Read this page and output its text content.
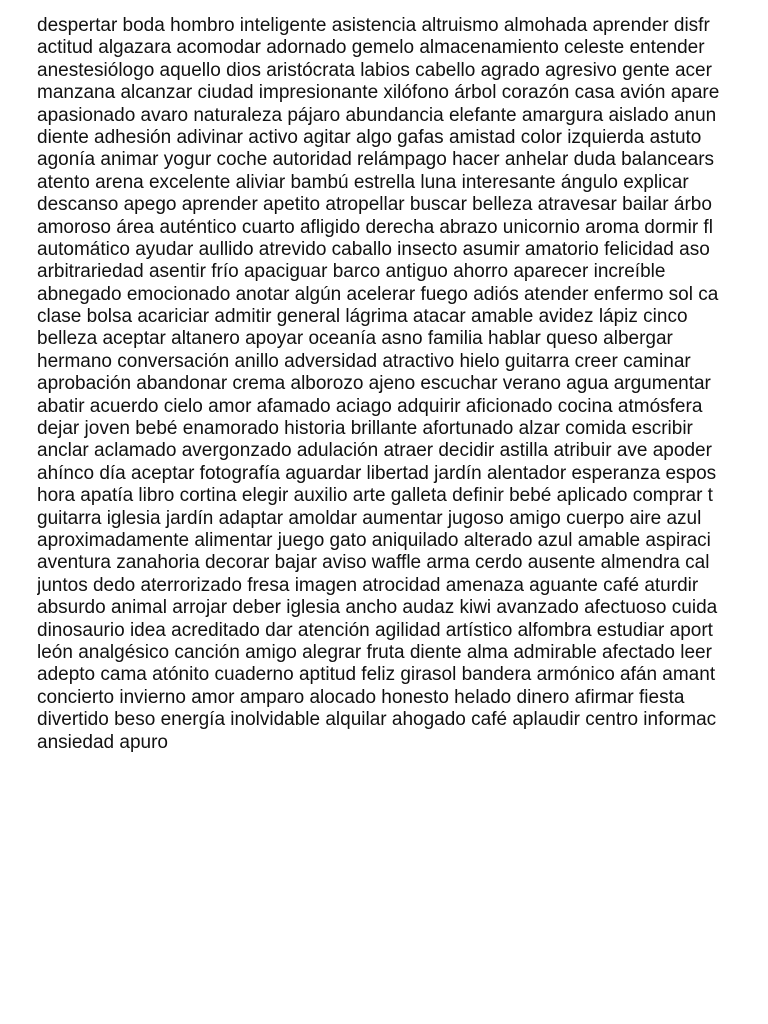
despertar boda hombro inteligente asistencia altruismo almohada aprender disfr
actitud algazara acomodar adornado gemelo almacenamiento celeste entender
anestesiólogo aquello dios aristócrata labios cabello agrado agresivo gente acer
manzana alcanzar ciudad impresionante xilófono árbol corazón casa avión apare
apasionado avaro naturaleza pájaro abundancia elefante amargura aislado anun
diente adhesión adivinar activo agitar algo gafas amistad color izquierda astuto
agonía animar yogur coche autoridad relámpago hacer anhelar duda balancears
atento arena excelente aliviar bambú estrella luna interesante ángulo explicar
descanso apego aprender apetito atropellar buscar belleza atravesar bailar árbo
amoroso área auténtico cuarto afligido derecha abrazo unicornio aroma dormir fl
automático ayudar aullido atrevido caballo insecto asumir amatorio felicidad aso
arbitrariedad asentir frío apaciguar barco antiguo ahorro aparecer increíble
abnegado emocionado anotar algún acelerar fuego adiós atender enfermo sol ca
clase bolsa acariciar admitir general lágrima atacar amable avidez lápiz cinco
belleza aceptar altanero apoyar oceanía asno familia hablar queso albergar
hermano conversación anillo adversidad atractivo hielo guitarra creer caminar
aprobación abandonar crema alborozo ajeno escuchar verano agua argumentar
abatir acuerdo cielo amor afamado aciago adquirir aficionado cocina atmósfera
dejar joven bebé enamorado historia brillante afortunado alzar comida escribir
anclar aclamado avergonzado adulación atraer decidir astilla atribuir ave apoder
ahínco día aceptar fotografía aguardar libertad jardín alentador esperanza espos
hora apatía libro cortina elegir auxilio arte galleta definir bebé aplicado comprar t
guitarra iglesia jardín adaptar amoldar aumentar jugoso amigo cuerpo aire azul
aproximadamente alimentar juego gato aniquilado alterado azul amable aspiraci
aventura zanahoria decorar bajar aviso waffle arma cerdo ausente almendra cal
juntos dedo aterrorizado fresa imagen atrocidad amenaza aguante café aturdir
absurdo animal arrojar deber iglesia ancho audaz kiwi avanzado afectuoso cuida
dinosaurio idea acreditado dar atención agilidad artístico alfombra estudiar aport
león analgésico canción amigo alegrar fruta diente alma admirable afectado leer
adepto cama atónito cuaderno aptitud feliz girasol bandera armónico afán amant
concierto invierno amor amparo alocado honesto helado dinero afirmar fiesta
divertido beso energía inolvidable alquilar ahogado café aplaudir centro informac
ansiedad apuro
